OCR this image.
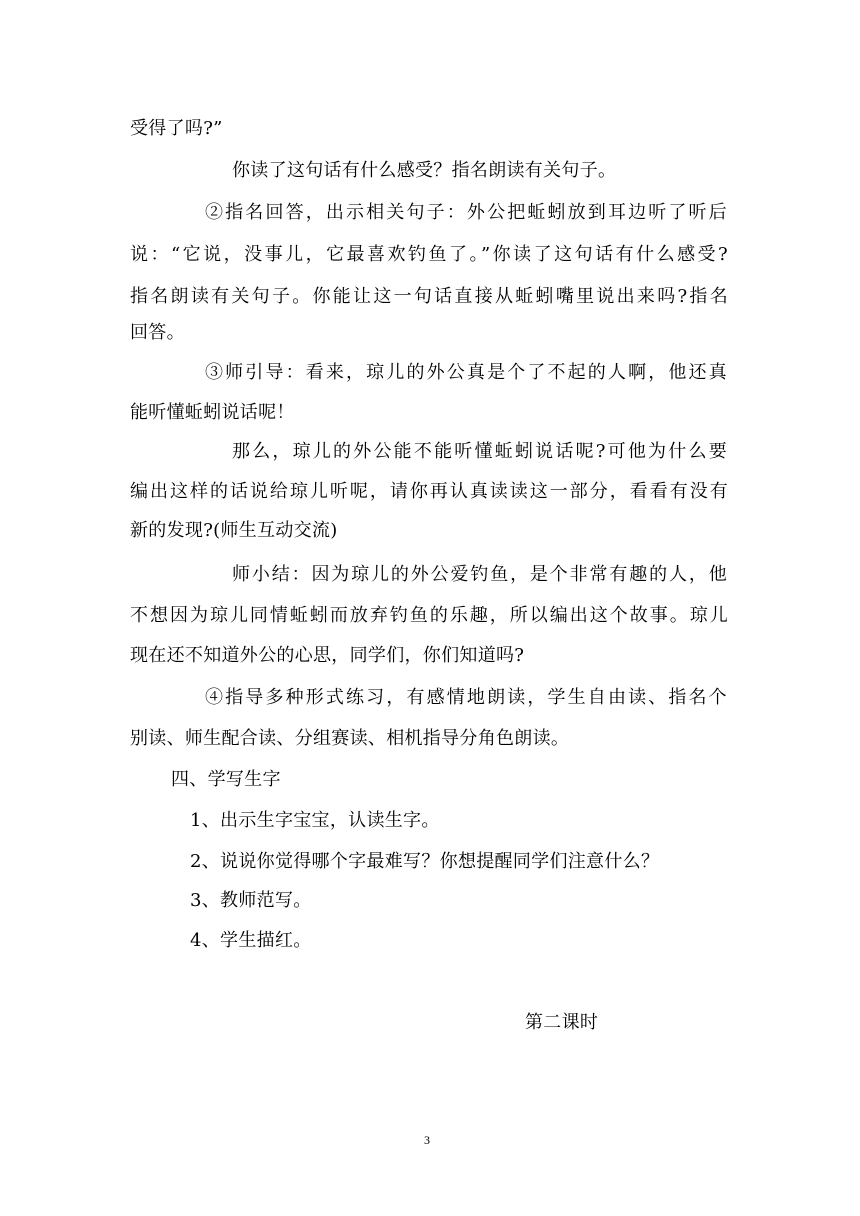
受得了吗?”
你读了这句话有什么感受？指名朗读有关句子。
②指名回答，出示相关句子：外公把蚯蚓放到耳边听了听后
说：“它说，没事儿，它最喜欢钓鱼了。”你读了这句话有什么感受?
指名朗读有关句子。你能让这一句话直接从蚯蚓嘴里说出来吗?指名
回答。
③师引导：看来，琼儿的外公真是个了不起的人啊，他还真
能听懂蚯蚓说话呢！
那么，琼儿的外公能不能听懂蚯蚓说话呢?可他为什么要
编出这样的话说给琼儿听呢，请你再认真读读这一部分，看看有没有
新的发现?(师生互动交流)
师小结：因为琼儿的外公爱钓鱼，是个非常有趣的人，他
不想因为琼儿同情蚯蚓而放弃钓鱼的乐趣，所以编出这个故事。琼儿
现在还不知道外公的心思，同学们，你们知道吗?
④指导多种形式练习，有感情地朗读，学生自由读、指名个
别读、师生配合读、分组赛读、相机指导分角色朗读。
四、学写生字
1、出示生字宝宝，认读生字。
2、说说你觉得哪个字最难写？你想提醒同学们注意什么？
3、教师范写。
4、学生描红。
第二课时
3
